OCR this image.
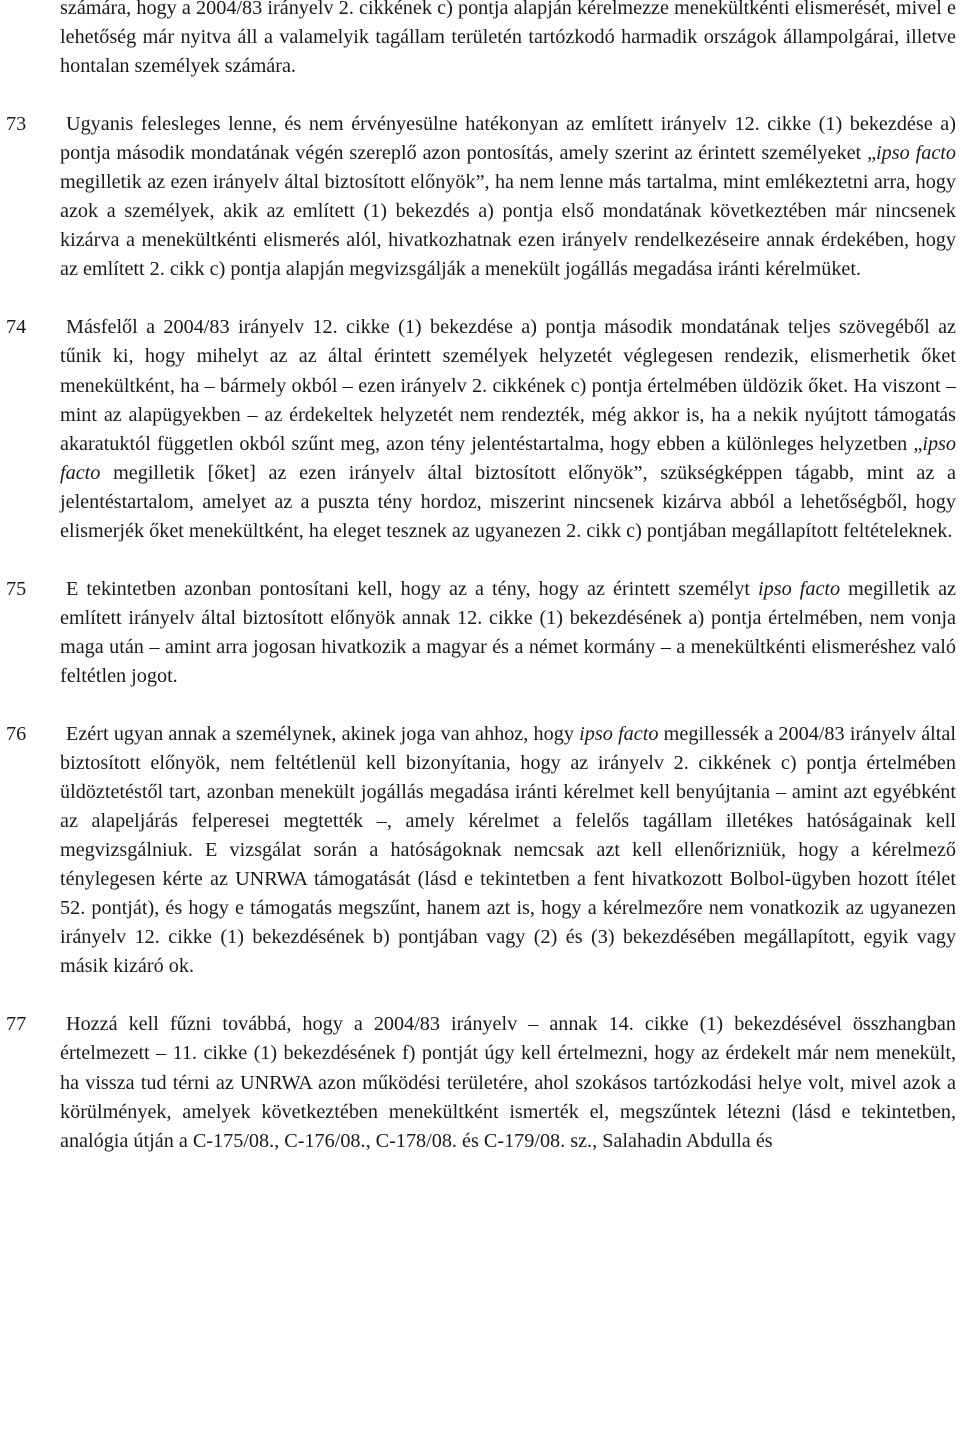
számára, hogy a 2004/83 irányelv 2. cikkének c) pontja alapján kérelmezze menekültkénti elismerését, mivel e lehetőség már nyitva áll a valamelyik tagállam területén tartózkodó harmadik országok állampolgárai, illetve hontalan személyek számára.

73 Ugyanis felesleges lenne, és nem érvényesülne hatékonyan az említett irányelv 12. cikke (1) bekezdése a) pontja második mondatának végén szereplő azon pontosítás, amely szerint az érintett személyeket „ipso facto megilletik az ezen irányelv által biztosított előnyök”, ha nem lenne más tartalma, mint emlékeztetni arra, hogy azok a személyek, akik az említett (1) bekezdés a) pontja első mondatának következtében már nincsenek kizárva a menekültkénti elismerés alól, hivatkozhatnak ezen irányelv rendelkezéseire annak érdekében, hogy az említett 2. cikk c) pontja alapján megvizsgálják a menekült jogállás megadása iránti kérelmüket.

74 Másfelől a 2004/83 irányelv 12. cikke (1) bekezdése a) pontja második mondatának teljes szövegéből az tűnik ki, hogy mihelyt az az által érintett személyek helyzetét véglegesen rendezik, elismerhetik őket menekültként, ha – bármely okból – ezen irányelv 2. cikkének c) pontja értelmében üldözik őket. Ha viszont – mint az alapügyekben – az érdekeltek helyzetét nem rendezték, még akkor is, ha a nekik nyújtott támogatás akaratuktól független okból szűnt meg, azon tény jelentéstartalma, hogy ebben a különleges helyzetben „ipso facto megilletik [őket] az ezen irányelv által biztosított előnyök”, szükségképpen tágabb, mint az a jelentéstartalom, amelyet az a puszta tény hordoz, miszerint nincsenek kizárva abból a lehetőségből, hogy elismerjék őket menekültként, ha eleget tesznek az ugyanezen 2. cikk c) pontjában megállapított feltételeknek.

75 E tekintetben azonban pontosítani kell, hogy az a tény, hogy az érintett személyt ipso facto megilletik az említett irányelv által biztosított előnyök annak 12. cikke (1) bekezdésének a) pontja értelmében, nem vonja maga után – amint arra jogosan hivatkozik a magyar és a német kormány – a menekültkénti elismeréshez való feltétlen jogot.

76 Ezért ugyan annak a személynek, akinek joga van ahhoz, hogy ipso facto megillessék a 2004/83 irányelv által biztosított előnyök, nem feltétlenül kell bizonyítania, hogy az irányelv 2. cikkének c) pontja értelmében üldöztetéstől tart, azonban menekült jogállás megadása iránti kérelmet kell benyújtania – amint azt egyébként az alapeljárás felperesei megtették –, amely kérelmet a felelős tagállam illetékes hatóságainak kell megvizsgálniuk. E vizsgálat során a hatóságoknak nemcsak azt kell ellenőrizniük, hogy a kérelmező ténylegesen kérte az UNRWA támogatását (lásd e tekintetben a fent hivatkozott Bolbol-ügyben hozott ítélet 52. pontját), és hogy e támogatás megszűnt, hanem azt is, hogy a kérelmezőre nem vonatkozik az ugyanezen irányelv 12. cikke (1) bekezdésének b) pontjában vagy (2) és (3) bekezdésében megállapított, egyik vagy másik kizáró ok.

77 Hozzá kell fűzni továbbá, hogy a 2004/83 irányelv – annak 14. cikke (1) bekezdésével összhangban értelmezett – 11. cikke (1) bekezdésének f) pontját úgy kell értelmezni, hogy az érdekelt már nem menekült, ha vissza tud térni az UNRWA azon működési területére, ahol szokásos tartózkodási helye volt, mivel azok a körülmények, amelyek következtében menekültként ismerték el, megszűntek létezni (lásd e tekintetben, analógia útján a C-175/08., C-176/08., C-178/08. és C-179/08. sz., Salahadin Abdulla és
